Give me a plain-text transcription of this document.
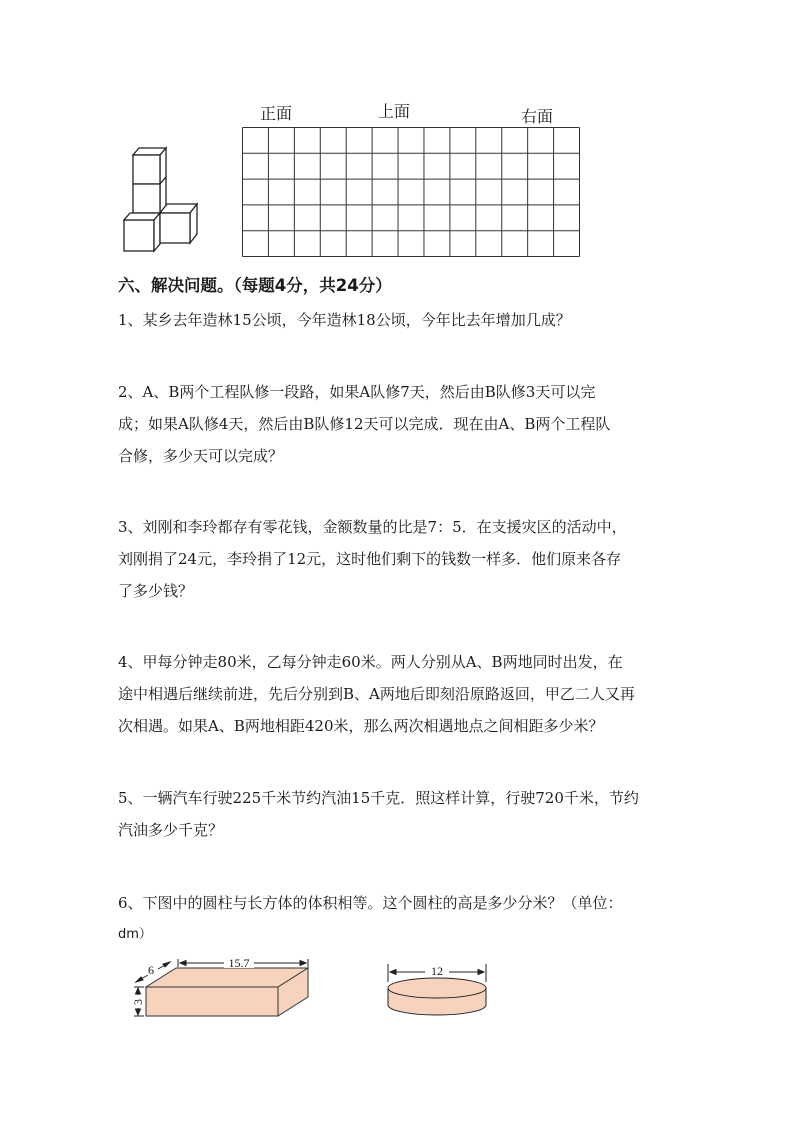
正面	上面	右面
六、解决问题。（每题4分，共24分）

1、某乡去年造林15公顷，今年造林18公顷，今年比去年增加几成？

2、A、B两个工程队修一段路，如果A队修7天，然后由B队修3天可以完

成；如果A队修4天，然后由B队修12天可以完成．现在由A、B两个工程队

合修，多少天可以完成？

3、刘刚和李玲都存有零花钱，金额数量的比是7：5．在支援灾区的活动中，

刘刚捐了24元，李玲捐了12元，这时他们剩下的钱数一样多．他们原来各存

了多少钱？

4、甲每分钟走80米，乙每分钟走60米。两人分别从A、B两地同时出发，在

途中相遇后继续前进，先后分别到B、A两地后即刻沿原路返回，甲乙二人又再

次相遇。如果A、B两地相距420米，那么两次相遇地点之间相距多少米？

5、一辆汽车行驶225千米节约汽油15千克．照这样计算，行驶720千米，节约

汽油多少千克？

6、下图中的圆柱与长方体的体积相等。这个圆柱的高是多少分米？（单位：

dm）

15.7
6
3
12
